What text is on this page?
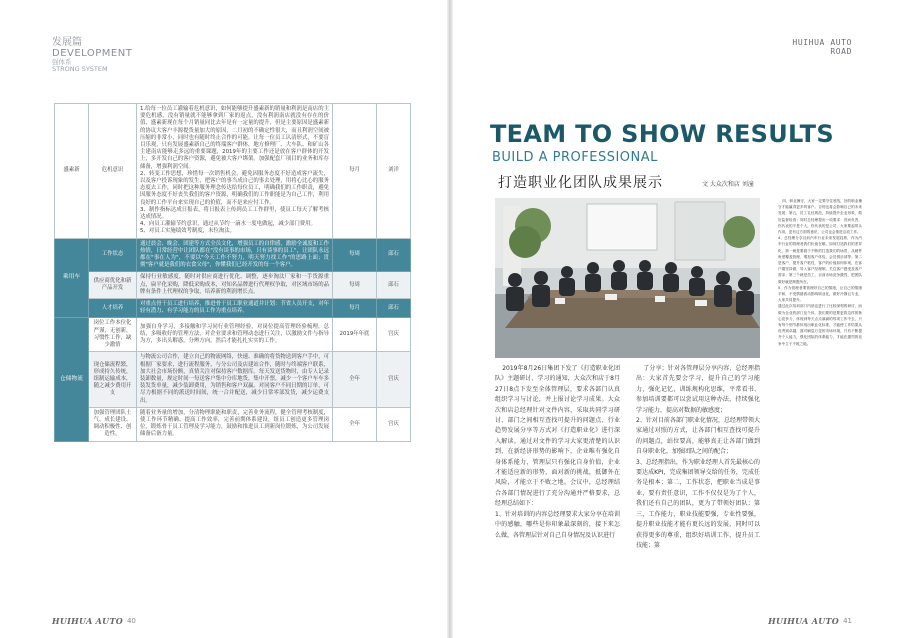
发展篇
DEVELOPMENT
强体系
STRONG SYSTEM
盛素新	危机意识	1.给每一位员工灌输着危机意识，如何能够提升盛素新的销量和利润是南店的主要危机感，没有销量就不能够拿到厂家的返点，没有利润南店就没有存在的价值，盛素新现在每个月销量同比去年是有一定量的提升，但是主要原因是盛素新的协议大客户丰源提货量加大的原因，二月初的不确定性很大，而且利润空间被压缩的非常小，同时也有随时终止合作的可能。让每一位员工认清形式，不要盲目乐观，只有发展盛素新自己的终端客户群体，地方修理厂、大车队、和矿山各主建南店能够走多远的重要课题，2019年的主要工作还是放在客户群体的开发上，多开发自己的客户资源，避免被大客户绑架。加强配套厂项目的业务和库存储备，增强利润空间。
2、转变工作思想，珍惜每一次销售机会，避免因服务态度不好造成客户流失，以及客户投诉现象的发生，把客户的事当成自己的事去处理，用将心比心的服务态度去工作，同时把这种服务理念传达给每位员工，明确我们的工作职责，避免因服务态度不好丧失我们的客户资源，明确我们的工作职能是为自己工作，利用良好的工作平台来实现自己的价值，而不是来应付工作。
3、制作指标达成日报表，将日报表上传到员工工作群里，使员工每天了解考核达成情况。
4、向员工灌输节约意识，通过从节约一滴水一度电做起，减少部门费用。
5、对员工实施绩效考制度，末位淘汰。	每月	刘洋
乘用车	工作状态	通过晨会、晚会、团建等方式全员文化，增强员工的自律感，激励全诚度和工作热情，日常经营中让团队都在"没有谈事的市场，只有谈事的员工"，让团队永远都在"事在人为"，不要以"今天工作不努力，明天努力找工作"的思路上面；贯彻"客户就是我们的衣食父母"，你懂我们已经开发的每一个客户。	每周	邱石
	供应商优化和新产品开发	保持行业敏感度，随时对供应商进行优化、调整，逐步淘汰厂家和一手货源重点，扁平化采购，降低采购成本，对知名品牌进行代理权争取，对区域市场的品牌有条件上代理权的争取，培养新的利润增长点。	每周	邱石
	人才培养	对重点骨干员工进行培养，推进骨干员工职业通道并计划：节省人员开支，对年轻有潜力、有学习能力的员工作为重点培养。	每月	邱石
仓储物流	岗位工作本位化严谨，无创新，习惯性工作，缺少激情	加强自身学习，多接触和学习同行业管理经验，对岗位提高管理经验梳理，总结，多吸收好的管理方法，对企业要求和管理动态进行关注，以激励文件与指导为方，多出头解惑，分辨方向，然后才能扎扎实实的工作。	2019年年底	宫庆
	现仓储流程繁，形成持久传统，组制运输成本，随之减少费用开支	与物流公司合作，建立自己的物流网络，快速、准确的将货物送到客户手中，可根据厂家要求，进行流程服务，与分公司及店建站合作，随时与终端客户联系，加大社会市场份额，真情关注对保持客户数据库。每天发送货物时，由专人记录装卸数量，规定时间一每送客户集中分库地货，集中开票，减少一个客户车车多装发货单量，减少装卸费用，为销售和客户双赢。对同客户不同日期的订单，可尽力根据不同的派送时间间，统一合并配送，减少日常零部发货，减少运费支出。	全年	宫庆
	加强管理团队士气、成长建设、调动积极性、创造性。	随着业务量的增加，分清物理职能和职责，完善业务流程，健全管理考核制度，使工作环节精确、提高工作效率，完善前期体系建设，组员工创造更多管理岗位，锻炼骨干员工管理及学习能力，鼓励和推进员工到新岗位锻炼，为公司发展储备后备力量。	全年	宫庆
HUIHUA AUTO 40
HUIHUA AUTO
ROAD
TEAM TO SHOW RESULTS
BUILD A PROFESSIONAL
打造职业化团队成果展示	文 大众次和店 刘潼

四，职业操守，大家一定要守住底线，好的职业操守才能赢得更多的客户。否则也将会影响自己的未来发展；第五，员工礼仪规范，持续提升企业形象，做好监督检查；同时总经理提出一项要求：首问负责，你代表的不是个人，你代表的是公司，大家要起带头作用，更有这方面的意识，公司也会推进这项工作。
4、总经理分享目前汽车行业未来发展趋势，作为汽车行业的管理者我们价值在哪，如何打造我们的差异化，第一就是要源于不断的打造我们的场景，从硬件角度覆盖管理，增加客户体验，会员俱乐部等；第二是客户，提升客户粘性，客户的价值如何体现，在客户端坚持做，导入客户经理制，关注客户感受及客户需求；第三个就是员工，目前市场竞争激烈，把团队做好就是制胜所在。
5、作为管理者要管理好自己的情绪，让自己的情绪平和，不受情绪波动影响职业化，做好冷静且专业，大家共同提升。
通过此次培训部门内部也进行了比较深刻的研讨，而做为企业的部门及个体，我们要的是要更将这样的核心竞争力，体现到每天点点滴滴的每项工作中去，只有每个细节都体现出职业化标准，才能使工作结果从优秀到卓越，面对瞬息万变的市场环境，只有不断提升个人能力，强化团队的体系能力，才能在激烈的竞争中立于不败之地。

2019年8月26日集团下发了《打造职业化团队》主题研讨、学习的通知，大众次和店于8月27日8点下发至全体管理层，要求各部门认真组织学习与讨论，并上报讨论学习成果。大众次和店总经理针对文件内容，采取共同学习研讨、部门之间相互查找可提升的问题点、行业趋势发展分享等方式对《打造职业化》进行深入解读。通过对文件的学习大家更清楚的认识到，在新经济形势的影响下，企业唯有强化自身体系能力，管理层只有强化自身价值，企业才能适应新的形势，面对新的挑战，抵御外在风险，才能立于不败之地。会议中，总经理结合各部门情况进行了充分沟通并严格要求，总经理总结如下：
1、针对培训的内容总经理要求大家分享在培训中的感触，哪些是你印象最深刻的，接下来怎么做，各管理层针对自己自身情况及认识进行

了分享；针对各管理层分享内容，总经理指出：大家首先要会学习，提升自己的学习能力，强化记忆，训练规构化思维，平常看书、参加培训要都可以尝试用这种办法，持续强化学习能力，提高对数据的敏感度；
2、针对目前各部门职业化情况，总经理带领大家通过对照的方式，让各部门相互查找可提升的问题点，站位要高，能够真正让各部门做到自身职业化，加强团队之间的配合；
3、总经理指出，作为职业经理人首先最核心的要达成KPI，完成集团领导交给的任务，完成任务是根本；第二，工作状态，把职业当成是事业，要有责任意识，工作不仅仅是为了个人，我们还有自己的团队，更为了带领好团队；第三，工作能力，职业技能要强，专业性要强，提升职业技能才能有更长远的发展，同时可以获得更多的尊重，组织好培训工作，提升员工技能；第

HUIHUA AUTO 41
